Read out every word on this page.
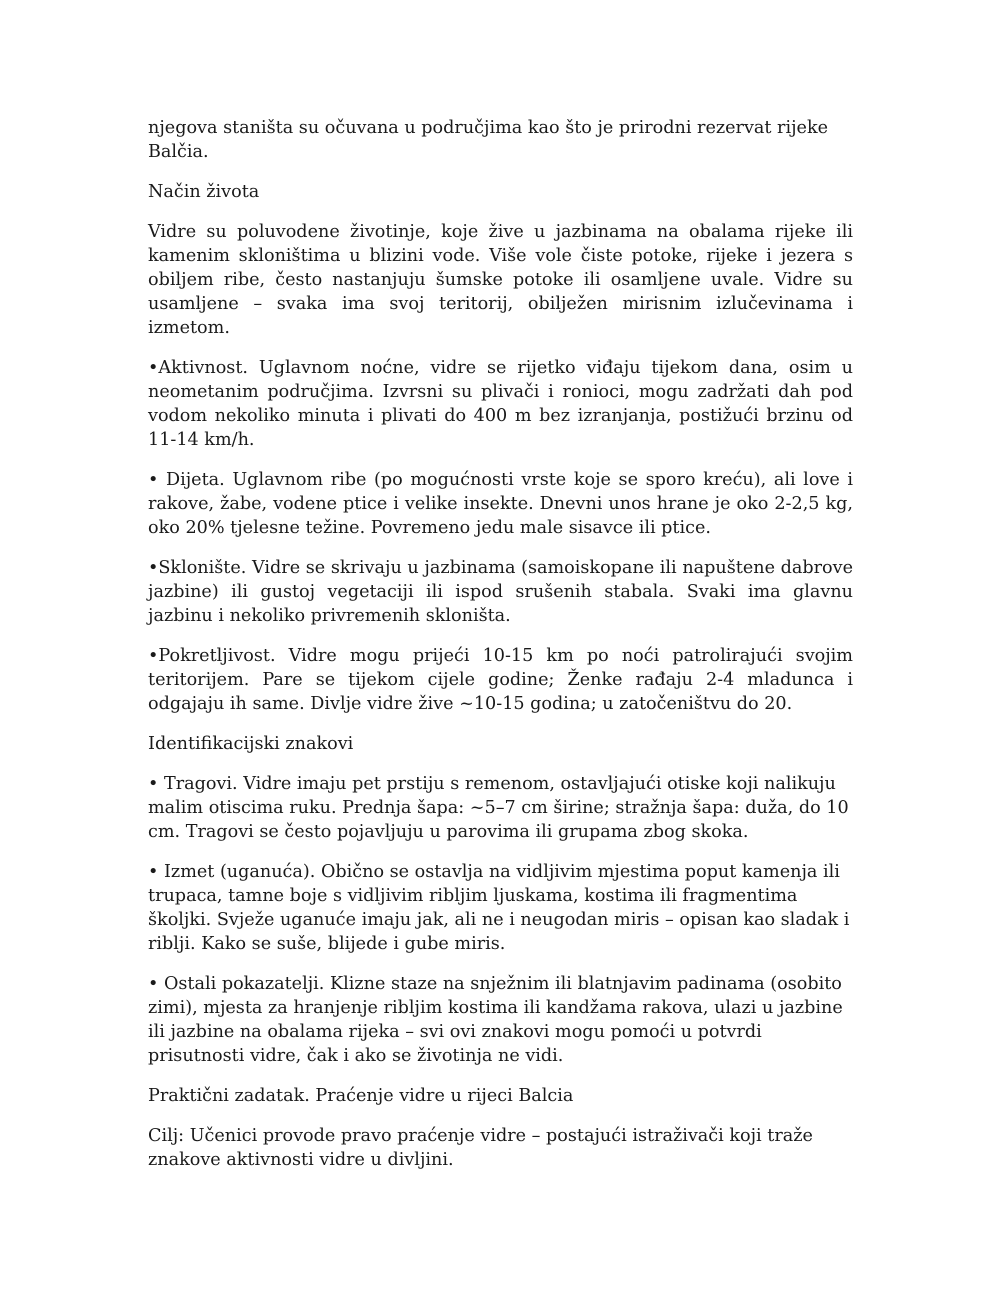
njegova staništa su očuvana u područjima kao što je prirodni rezervat rijeke Balčia.

Način života

Vidre su poluvodene životinje, koje žive u jazbinama na obalama rijeke ili kamenim skloništima u blizini vode. Više vole čiste potoke, rijeke i jezera s obiljem ribe, često nastanjuju šumske potoke ili osamljene uvale. Vidre su usamljene – svaka ima svoj teritorij, obilježen mirisnim izlučevinama i izmetom.

•Aktivnost. Uglavnom noćne, vidre se rijetko viđaju tijekom dana, osim u neometanim područjima. Izvrsni su plivači i ronioci, mogu zadržati dah pod vodom nekoliko minuta i plivati do 400 m bez izranjanja, postižući brzinu od 11-14 km/h.

• Dijeta. Uglavnom ribe (po mogućnosti vrste koje se sporo kreću), ali love i rakove, žabe, vodene ptice i velike insekte. Dnevni unos hrane je oko 2-2,5 kg, oko 20% tjelesne težine. Povremeno jedu male sisavce ili ptice.

•Sklonište. Vidre se skrivaju u jazbinama (samoiskopane ili napuštene dabrove jazbine) ili gustoj vegetaciji ili ispod srušenih stabala. Svaki ima glavnu jazbinu i nekoliko privremenih skloništa.

•Pokretljivost. Vidre mogu prijeći 10-15 km po noći patrolirajući svojim teritorijem. Pare se tijekom cijele godine; Ženke rađaju 2-4 mladunca i odgajaju ih same. Divlje vidre žive ~10-15 godina; u zatočeništvu do 20.

Identifikacijski znakovi

• Tragovi. Vidre imaju pet prstiju s remenom, ostavljajući otiske koji nalikuju malim otiscima ruku. Prednja šapa: ~5–7 cm širine; stražnja šapa: duža, do 10 cm. Tragovi se često pojavljuju u parovima ili grupama zbog skoka.

• Izmet (uganuća). Obično se ostavlja na vidljivim mjestima poput kamenja ili trupaca, tamne boje s vidljivim ribljim ljuskama, kostima ili fragmentima školjki. Svježe uganuće imaju jak, ali ne i neugodan miris – opisan kao sladak i riblji. Kako se suše, blijede i gube miris.

• Ostali pokazatelji. Klizne staze na snježnim ili blatnjavim padinama (osobito zimi), mjesta za hranjenje ribljim kostima ili kandžama rakova, ulazi u jazbine ili jazbine na obalama rijeka – svi ovi znakovi mogu pomoći u potvrdi prisutnosti vidre, čak i ako se životinja ne vidi.

Praktični zadatak. Praćenje vidre u rijeci Balcia

Cilj: Učenici provode pravo praćenje vidre – postajući istraživači koji traže znakove aktivnosti vidre u divljini.
